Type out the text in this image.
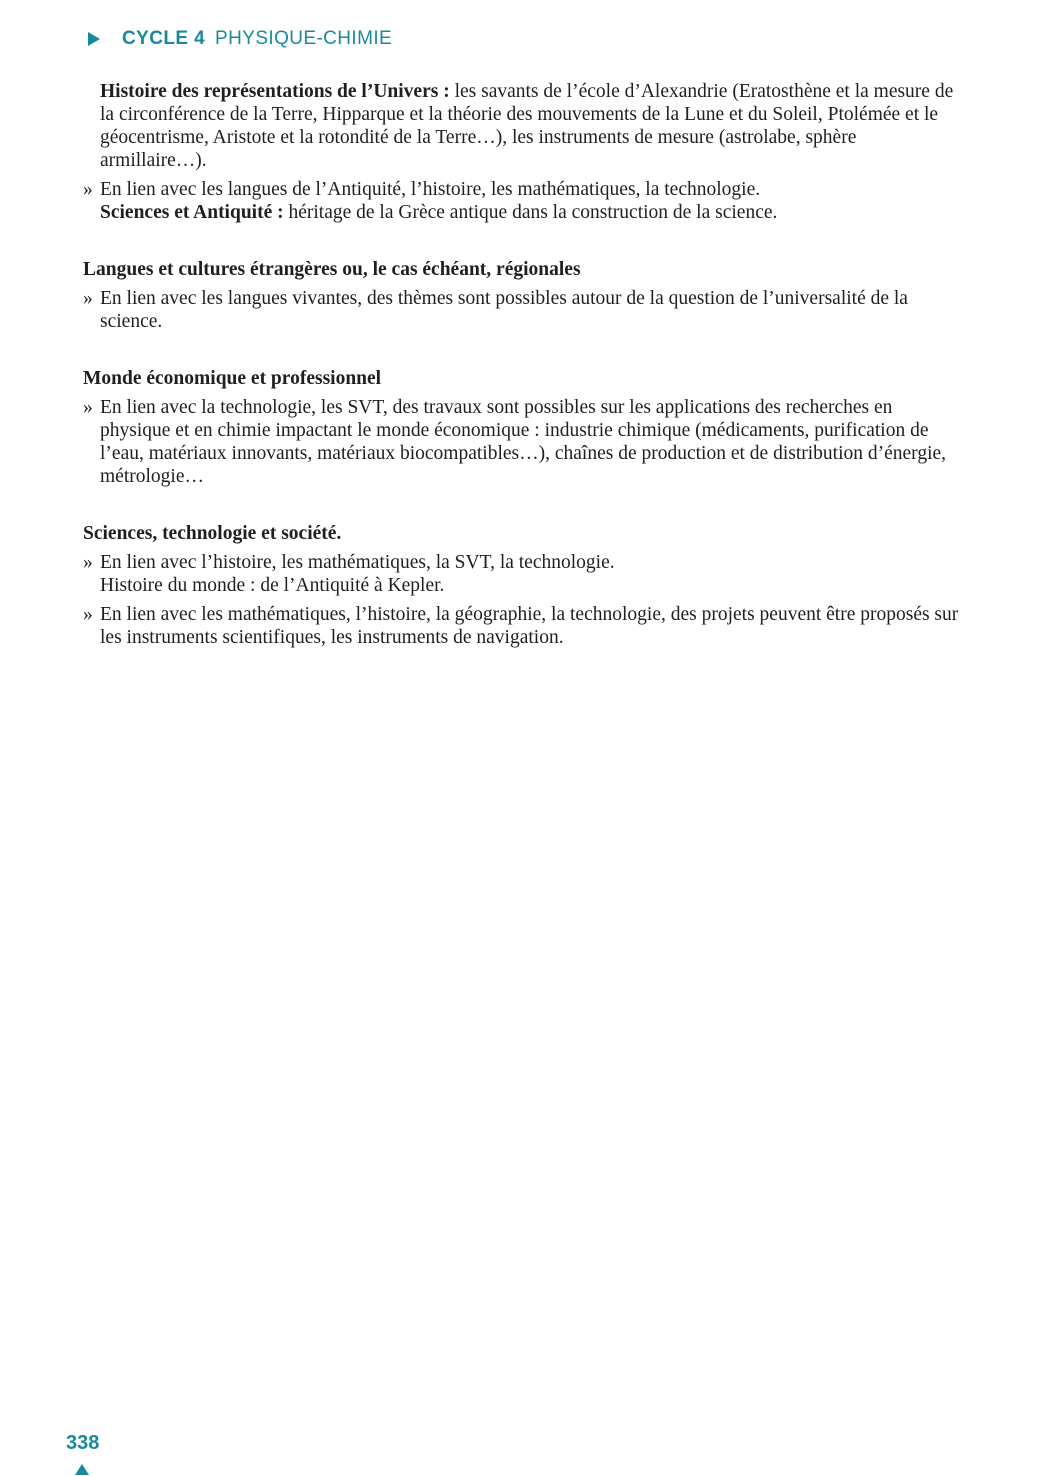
CYCLE 4 PHYSIQUE-CHIMIE
Histoire des représentations de l’Univers : les savants de l’école d’Alexandrie (Eratosthène et la mesure de la circonférence de la Terre, Hipparque et la théorie des mouvements de la Lune et du Soleil, Ptolémée et le géocentrisme, Aristote et la rotondité de la Terre…), les instruments de mesure (astrolabe, sphère armillaire…).
» En lien avec les langues de l’Antiquité, l’histoire, les mathématiques, la technologie.
Sciences et Antiquité : héritage de la Grèce antique dans la construction de la science.
Langues et cultures étrangères ou, le cas échéant, régionales
» En lien avec les langues vivantes, des thèmes sont possibles autour de la question de l’universalité de la science.
Monde économique et professionnel
» En lien avec la technologie, les SVT, des travaux sont possibles sur les applications des recherches en physique et en chimie impactant le monde économique : industrie chimique (médicaments, purification de l’eau, matériaux innovants, matériaux biocompatibles…), chaînes de production et de distribution d’énergie, métrologie…
Sciences, technologie et société.
» En lien avec l’histoire, les mathématiques, la SVT, la technologie.
Histoire du monde : de l’Antiquité à Kepler.
» En lien avec les mathématiques, l’histoire, la géographie, la technologie, des projets peuvent être proposés sur les instruments scientifiques, les instruments de navigation.
338
